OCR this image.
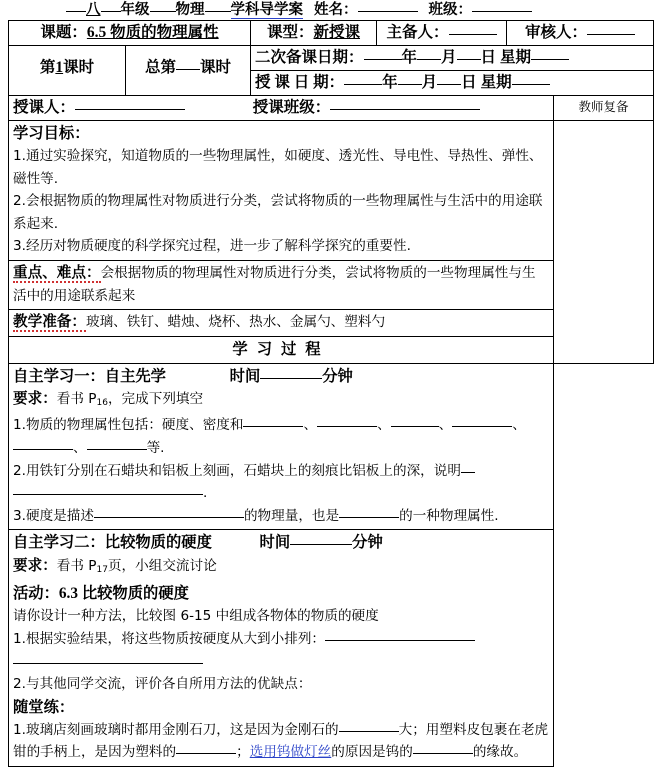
八 年级 物理 学科导学案 姓名：	班级：
课题：6.5 物质的物理属性		课型：新授课	主备人：	审核人：	

第1课时	总第 课时	二次备课日期： 年 月 日 星期			

		授 课 日 期： 年 月 日 星期			

授课人： 授课班级：					教师复备

学习目标：
1.通过实验探究，知道物质的一些物理属性，如硬度、透光性、导电性、导热性、弹性、磁性等.
2.会根据物质的物理属性对物质进行分类，尝试将物质的一些物理属性与生活中的用途联系起来.
3.经历对物质硬度的科学探究过程，进一步了解科学探究的重要性.					

重点、难点：会根据物质的物理属性对物质进行分类，尝试将物质的一些物理属性与生活中的用途联系起来					

教学准备：玻璃、铁钉、蜡烛、烧杯、热水、金属勺、塑料勺					

学习过程					

自主学习一：自主先学	时间	分钟
要求：看书 $P_{16}$，完成下列填空
1.物质的物理属性包括：硬度、密度和	、	、	、	、
、	等.
2.用铁钉分别在石蜡块和铝板上刻画，石蜡块上的刻痕比铝板上的深，说明
.
3.硬度是描述	的物理量，也是	的一种物理属性.

自主学习二：比较物质的硬度	时间	分钟
要求：看书 $P_{17}$页，小组交流讨论
活动：6.3 比较物质的硬度
请你设计一种方法，比较图 6-15 中组成各物体的物质的硬度
1.根据实验结果，将这些物质按硬度从大到小排列：

2.与其他同学交流，评价各自所用方法的优缺点：
随堂练：
1.玻璃店刻画玻璃时都用金刚石刀，这是因为金刚石的	大；用塑料皮包裹在老虎钳的手柄上，是因为塑料的	；选用钨做灯丝的原因是钨的	的缘故。
